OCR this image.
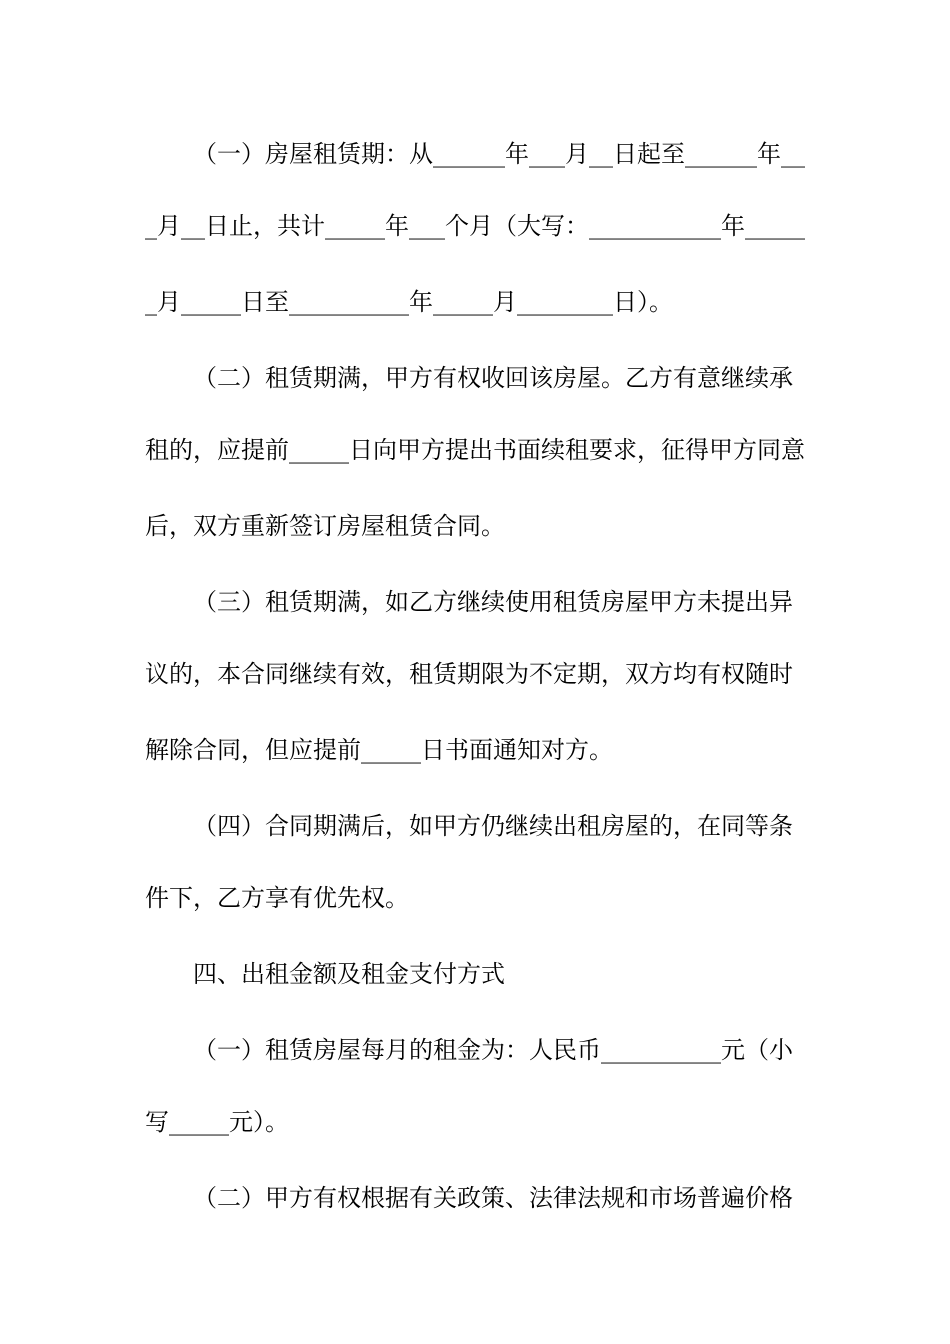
（一）房屋租赁期：从______年___月__日起至______年__
_月__日止，共计_____年___个月（大写：___________年_____
_月_____日至__________年_____月________日）。
（二）租赁期满，甲方有权收回该房屋。乙方有意继续承
租的，应提前_____日向甲方提出书面续租要求，征得甲方同意
后，双方重新签订房屋租赁合同。
（三）租赁期满，如乙方继续使用租赁房屋甲方未提出异
议的，本合同继续有效，租赁期限为不定期，双方均有权随时
解除合同，但应提前_____日书面通知对方。
（四）合同期满后，如甲方仍继续出租房屋的，在同等条
件下，乙方享有优先权。
四、出租金额及租金支付方式
（一）租赁房屋每月的租金为：人民币__________元（小
写_____元）。
（二）甲方有权根据有关政策、法律法规和市场普遍价格
